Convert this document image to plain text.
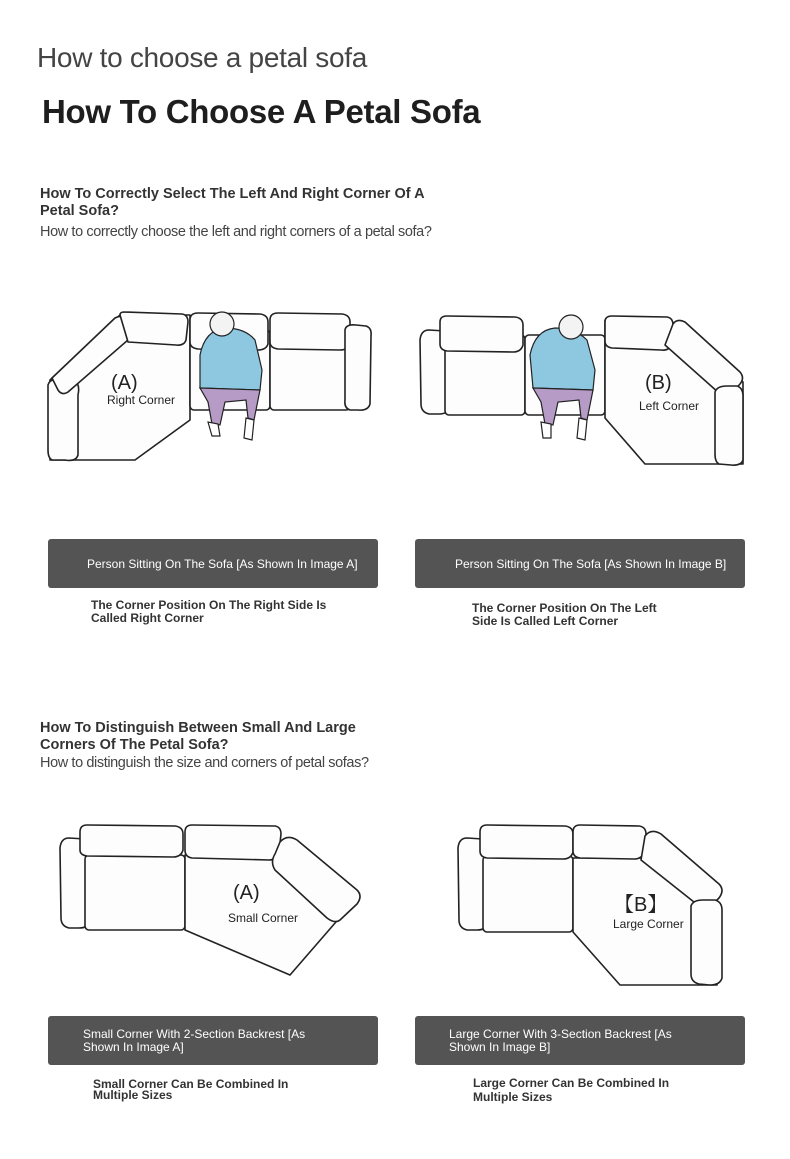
How to choose a petal sofa
How To Choose A Petal Sofa
How To Correctly Select The Left And Right Corner Of A Petal Sofa?
How to correctly choose the left and right corners of a petal sofa?
(A)
Right Corner
(B)
Left Corner
Person Sitting On The Sofa [As Shown In Image A]	Person Sitting On The Sofa [As Shown In Image B]
The Corner Position On The Right Side Is Called Right Corner
The Corner Position On The Left Side Is Called Left Corner
How To Distinguish Between Small And Large Corners Of The Petal Sofa?
How to distinguish the size and corners of petal sofas?
(A)
Small Corner
【B】
Large Corner
Small Corner With 2-Section Backrest [As Shown In Image A]
Large Corner With 3-Section Backrest [As Shown In Image B]
Small Corner Can Be Combined In Multiple Sizes
Large Corner Can Be Combined In Multiple Sizes
